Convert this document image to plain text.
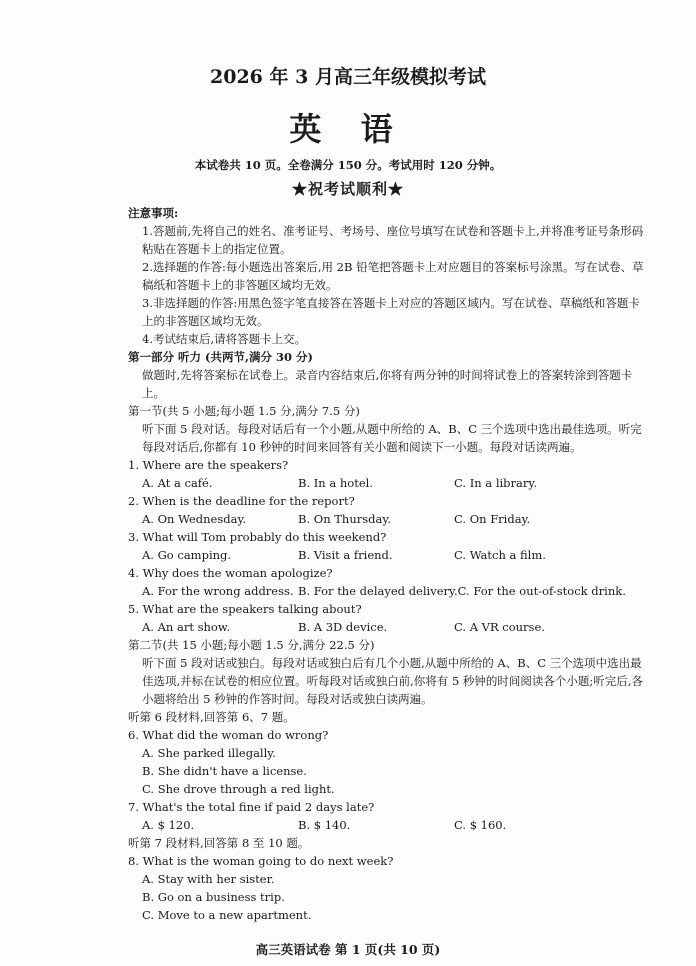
2026 年 3 月高三年级模拟考试
英 语
本试卷共 10 页。全卷满分 150 分。考试用时 120 分钟。
★祝考试顺利★
注意事项:
1.答题前,先将自己的姓名、准考证号、考场号、座位号填写在试卷和答题卡上,并将准考证号条形码粘贴在答题卡上的指定位置。
2.选择题的作答:每小题选出答案后,用 2B 铅笔把答题卡上对应题目的答案标号涂黑。写在试卷、草稿纸和答题卡上的非答题区域均无效。
3.非选择题的作答:用黑色签字笔直接答在答题卡上对应的答题区域内。写在试卷、草稿纸和答题卡上的非答题区域均无效。
4.考试结束后,请将答题卡上交。
第一部分 听力 (共两节,满分 30 分)
做题时,先将答案标在试卷上。录音内容结束后,你将有两分钟的时间将试卷上的答案转涂到答题卡上。
第一节(共 5 小题;每小题 1.5 分,满分 7.5 分)
听下面 5 段对话。每段对话后有一个小题,从题中所给的 A、B、C 三个选项中选出最佳选项。听完每段对话后,你都有 10 秒钟的时间来回答有关小题和阅读下一小题。每段对话读两遍。
1. Where are the speakers?
A. At a café.	B. In a hotel.	C. In a library.
2. When is the deadline for the report?
A. On Wednesday.	B. On Thursday.	C. On Friday.
3. What will Tom probably do this weekend?
A. Go camping.	B. Visit a friend.	C. Watch a film.
4. Why does the woman apologize?
A. For the wrong address. B. For the delayed delivery. C. For the out-of-stock drink.
5. What are the speakers talking about?
A. An art show.	B. A 3D device.	C. A VR course.
第二节(共 15 小题;每小题 1.5 分,满分 22.5 分)
听下面 5 段对话或独白。每段对话或独白后有几个小题,从题中所给的 A、B、C 三个选项中选出最佳选项,并标在试卷的相应位置。听每段对话或独白前,你将有 5 秒钟的时间阅读各个小题;听完后,各小题将给出 5 秒钟的作答时间。每段对话或独白读两遍。
听第 6 段材料,回答第 6、7 题。
6. What did the woman do wrong?
A. She parked illegally.
B. She didn't have a license.
C. She drove through a red light.
7. What's the total fine if paid 2 days late?
A. $ 120.	B. $ 140.	C. $ 160.
听第 7 段材料,回答第 8 至 10 题。
8. What is the woman going to do next week?
A. Stay with her sister.
B. Go on a business trip.
C. Move to a new apartment.
高三英语试卷 第 1 页(共 10 页)
